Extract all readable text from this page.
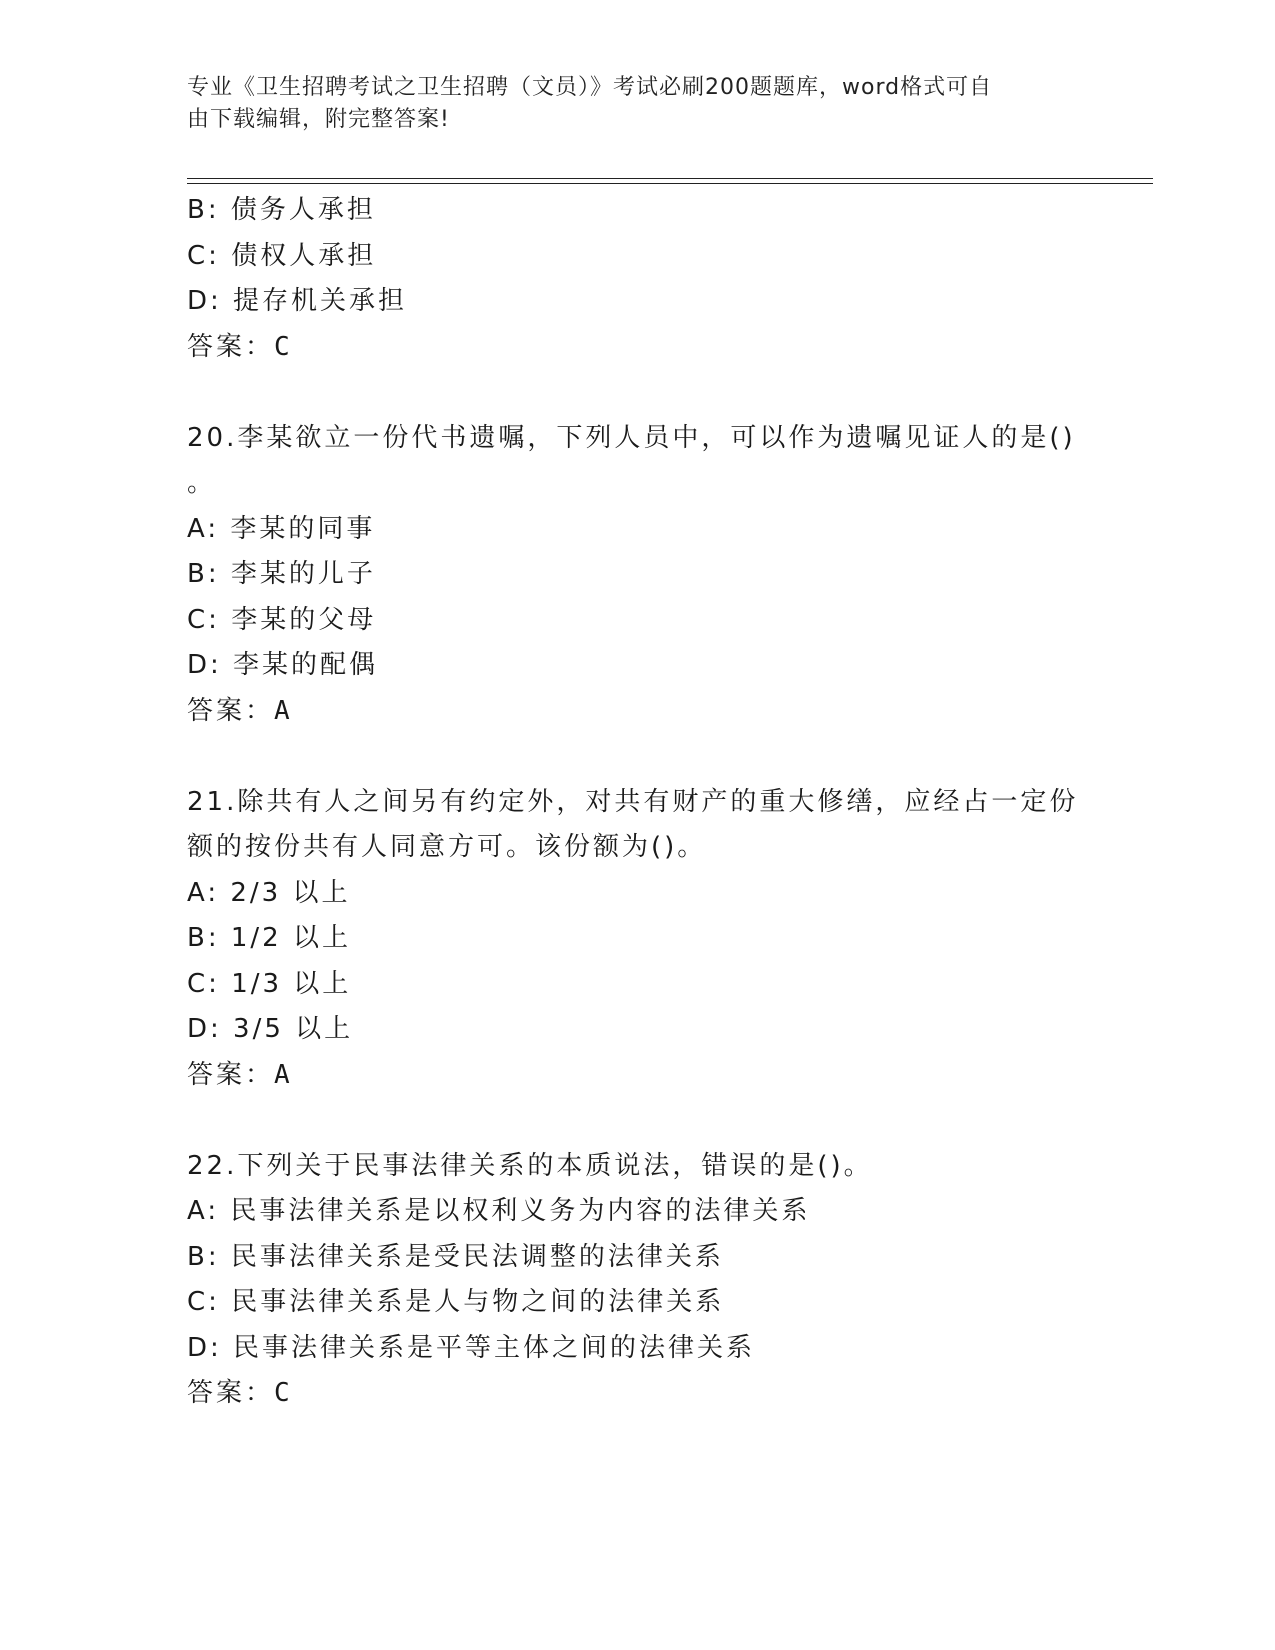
专业《卫生招聘考试之卫生招聘（文员）》考试必刷200题题库，word格式可自
由下载编辑，附完整答案!
B: 债务人承担
C: 债权人承担
D: 提存机关承担
答案：C
20.李某欲立一份代书遗嘱，下列人员中，可以作为遗嘱见证人的是()
。
A: 李某的同事
B: 李某的儿子
C: 李某的父母
D: 李某的配偶
答案：A
21.除共有人之间另有约定外，对共有财产的重大修缮，应经占一定份
额的按份共有人同意方可。该份额为()。
A: 2/3 以上
B: 1/2 以上
C: 1/3 以上
D: 3/5 以上
答案：A
22.下列关于民事法律关系的本质说法，错误的是()。
A: 民事法律关系是以权利义务为内容的法律关系
B: 民事法律关系是受民法调整的法律关系
C: 民事法律关系是人与物之间的法律关系
D: 民事法律关系是平等主体之间的法律关系
答案：C
